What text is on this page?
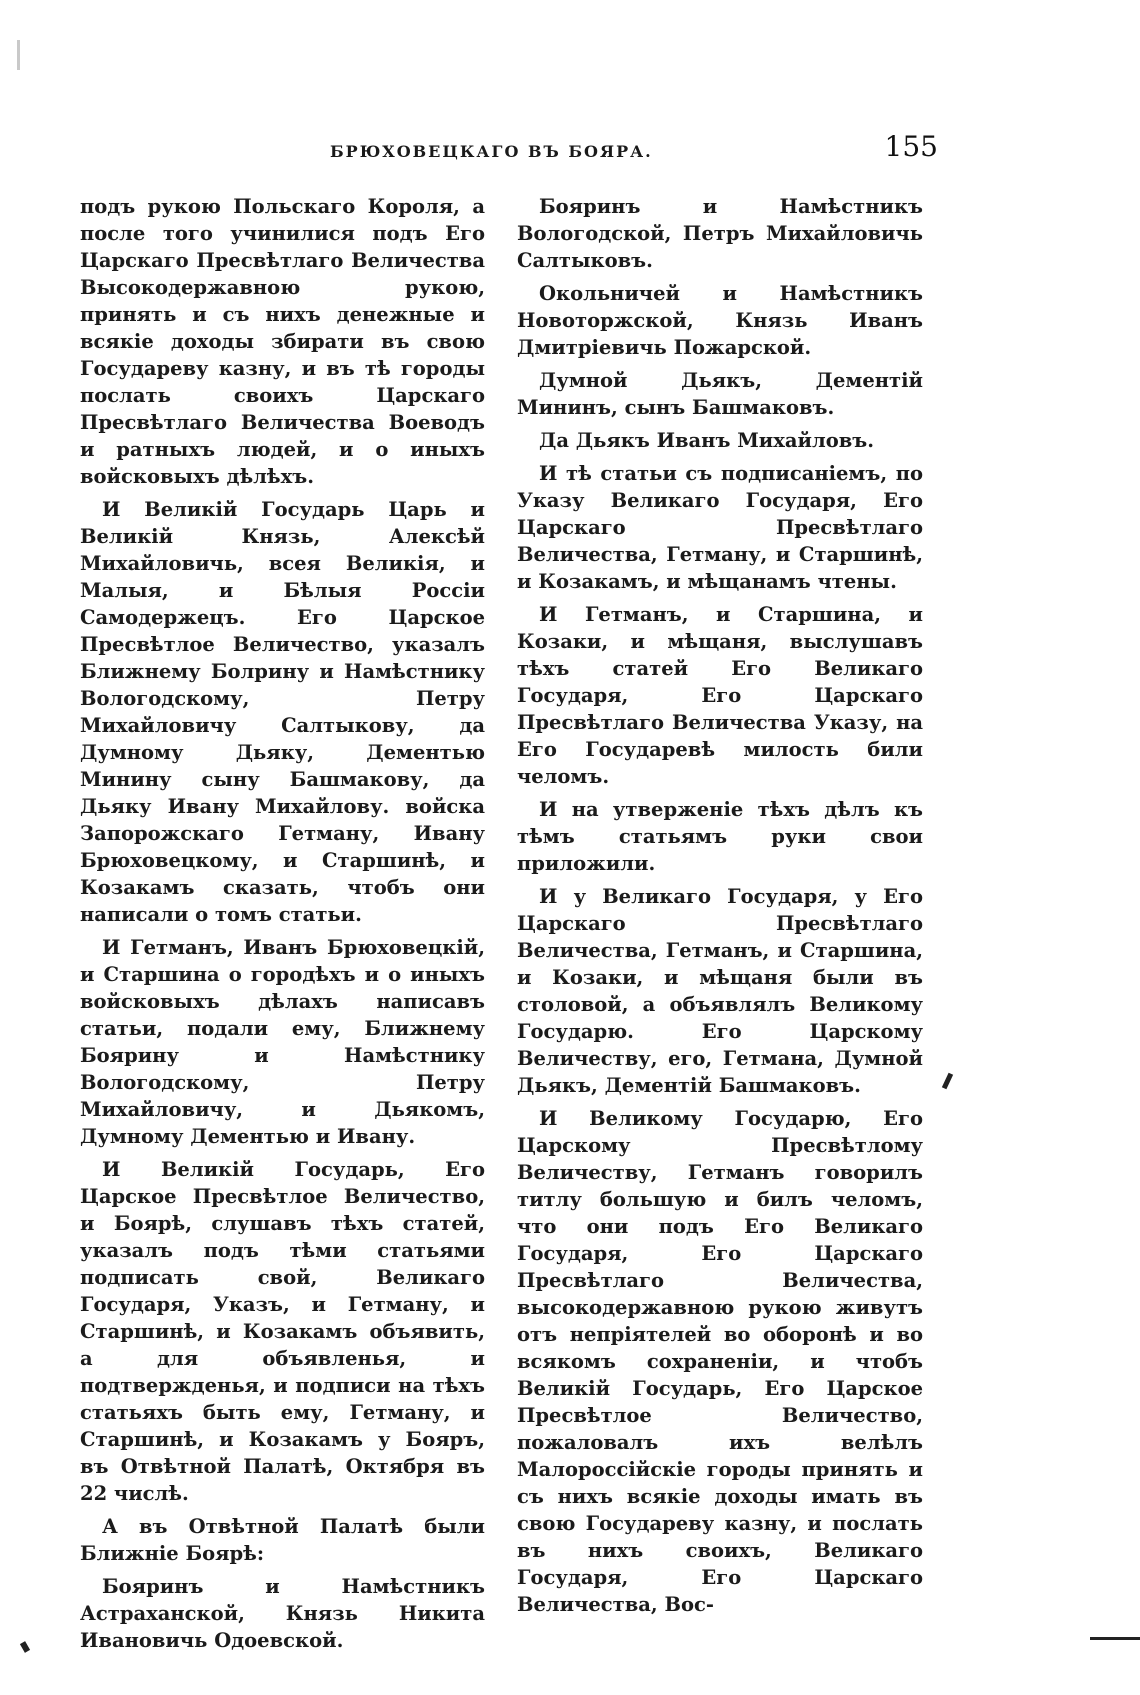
БРЮХОВЕЦКАГО ВЪ БОЯРА.	155

подъ рукою Польскаго Короля, а после того учинилися подъ Его Царскаго Пресвѣтлаго Величества Высокодержавною рукою, принять и съ нихъ денежные и всякіе доходы збирати въ свою Государеву казну, и въ тѣ городы послать своихъ Царскаго Пресвѣтлаго Величества Воеводъ и ратныхъ людей, и о иныхъ войсковыхъ дѣлѣхъ.

И Великій Государь Царь и Великій Князь, Алексѣй Михайловичь, всея Великія, и Малыя, и Бѣлыя Россіи Самодержецъ. Его Царское Пресвѣтлое Величество, указалъ Ближнему Болрину и Намѣстнику Вологодскому, Петру Михайловичу Салтыкову, да Думному Дьяку, Дементью Минину сыну Башмакову, да Дьяку Ивану Михайлову. войска Запорожскаго Гетману, Ивану Брюховецкому, и Старшинѣ, и Козакамъ сказать, чтобъ они написали о томъ статьи.

И Гетманъ, Иванъ Брюховецкій, и Старшина о городѣхъ и о иныхъ войсковыхъ дѣлахъ написавъ статьи, подали ему, Ближнему Боярину и Намѣстнику Вологодскому, Петру Михайловичу, и Дьякомъ, Думному Дементью и Ивану.

И Великій Государь, Его Царское Пресвѣтлое Величество, и Боярѣ, слушавъ тѣхъ статей, указалъ подъ тѣми статьями подписать свой, Великаго Государя, Указъ, и Гетману, и Старшинѣ, и Козакамъ объявить, а для объявленья, и подтвержденья, и подписи на тѣхъ статьяхъ быть ему, Гетману, и Старшинѣ, и Козакамъ у Бояръ, въ Отвѣтной Палатѣ, Октября въ 22 числѣ.

А въ Отвѣтной Палатѣ были Ближніе Боярѣ:

Бояринъ и Намѣстникъ Астраханской, Князь Никита Ивановичь Одоевской.

Бояринъ и Намѣстникъ Вологодской, Петръ Михайловичь Салтыковъ.

Окольничей и Намѣстникъ Новоторжской, Князь Иванъ Дмитріевичь Пожарской.

Думной Дьякъ, Дементій Мининъ, сынъ Башмаковъ.

Да Дьякъ Иванъ Михайловъ.

И тѣ статьи съ подписаніемъ, по Указу Великаго Государя, Его Царскаго Пресвѣтлаго Величества, Гетману, и Старшинѣ, и Козакамъ, и мѣщанамъ чтены.

И Гетманъ, и Старшина, и Козаки, и мѣщаня, выслушавъ тѣхъ статей Его Великаго Государя, Его Царскаго Пресвѣтлаго Величества Указу, на Его Государевѣ милость били челомъ.

И на утверженіе тѣхъ дѣлъ къ тѣмъ статьямъ руки свои приложили.

И у Великаго Государя, у Его Царскаго Пресвѣтлаго Величества, Гетманъ, и Старшина, и Козаки, и мѣщаня были въ столовой, а объявлялъ Великому Государю. Его Царскому Величеству, его, Гетмана, Думной Дьякъ, Дементій Башмаковъ.

И Великому Государю, Его Царскому Пресвѣтлому Величеству, Гетманъ говорилъ титлу большую и билъ челомъ, что они подъ Его Великаго Государя, Его Царскаго Пресвѣтлаго Величества, высокодержавною рукою живутъ отъ непріятелей во оборонѣ и во всякомъ сохраненіи, и чтобъ Великій Государь, Его Царское Пресвѣтлое Величество, пожаловалъ ихъ велѣлъ Малороссійскіе городы принять и съ нихъ всякіе доходы имать въ свою Государеву казну, и послать въ нихъ своихъ, Великаго Государя, Его Царскаго Величества, Вос-
